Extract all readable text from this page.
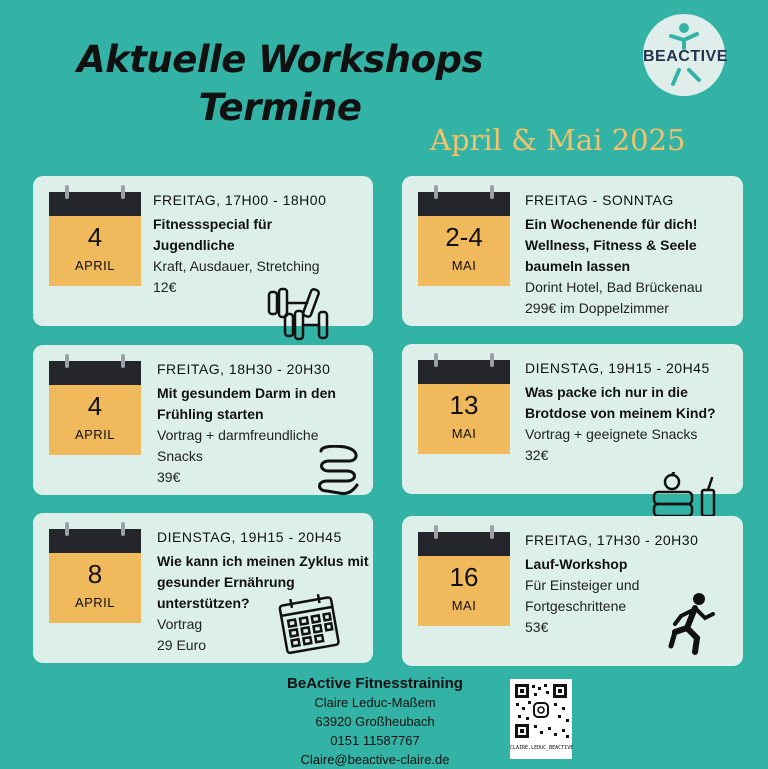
Aktuelle Workshops
Termine
April & Mai 2025
BEACTIVE
4
APRIL
FREITAG, 17H00 - 18H00
Fitnessspecial für Jugendliche
Kraft, Ausdauer, Stretching
12€
2-4
MAI
FREITAG - SONNTAG
Ein Wochenende für dich! Wellness, Fitness & Seele baumeln lassen
Dorint Hotel, Bad Brückenau
299€ im Doppelzimmer
4
APRIL
FREITAG, 18H30 - 20H30
Mit gesundem Darm in den Frühling starten
Vortrag + darmfreundliche Snacks
39€
13
MAI
DIENSTAG, 19H15 - 20H45
Was packe ich nur in die Brotdose von meinem Kind?
Vortrag + geeignete Snacks
32€
8
APRIL
DIENSTAG, 19H15 - 20H45
Wie kann ich meinen Zyklus mit gesunder Ernährung unterstützen?
Vortrag
29 Euro
16
MAI
FREITAG, 17H30 - 20H30
Lauf-Workshop
Für Einsteiger und Fortgeschrittene
53€
BeActive Fitnesstraining
Claire Leduc-Maßem
63920 Großheubach
0151 11587767
Claire@beactive-claire.de
CLAIRE.LEDUC_BEACTIVE
